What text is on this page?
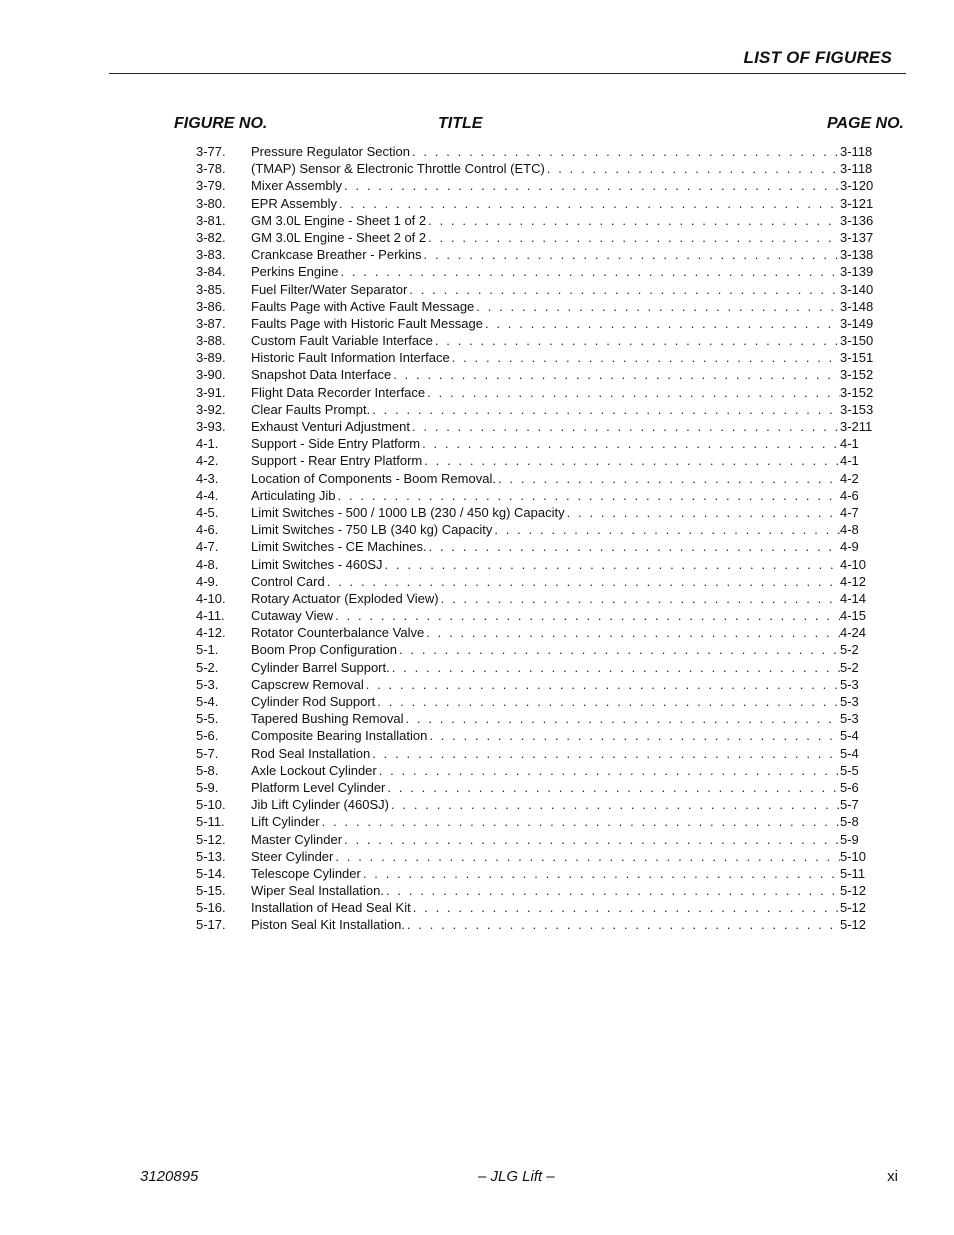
LIST OF FIGURES
FIGURE NO.	TITLE	PAGE NO.
3-77.	Pressure Regulator Section . . .	3-118
3-78.	(TMAP) Sensor & Electronic Throttle Control (ETC) . . .	3-118
3-79.	Mixer Assembly . . .	3-120
3-80.	EPR Assembly . . .	3-121
3-81.	GM 3.0L Engine - Sheet 1 of 2 . . .	3-136
3-82.	GM 3.0L Engine - Sheet 2 of 2 . . .	3-137
3-83.	Crankcase Breather - Perkins . . .	3-138
3-84.	Perkins Engine . . .	3-139
3-85.	Fuel Filter/Water Separator . . .	3-140
3-86.	Faults Page with Active Fault Message . . .	3-148
3-87.	Faults Page with Historic Fault Message . . .	3-149
3-88.	Custom Fault Variable Interface . . .	3-150
3-89.	Historic Fault Information Interface . . .	3-151
3-90.	Snapshot Data Interface . . .	3-152
3-91.	Flight Data Recorder Interface . . .	3-152
3-92.	Clear Faults Prompt. . . .	3-153
3-93.	Exhaust Venturi Adjustment . . .	3-211
4-1.	Support - Side Entry Platform . . .	4-1
4-2.	Support - Rear Entry Platform . . .	4-1
4-3.	Location of Components - Boom Removal. . . .	4-2
4-4.	Articulating Jib . . .	4-6
4-5.	Limit Switches - 500 / 1000 LB (230 / 450 kg) Capacity . . .	4-7
4-6.	Limit Switches - 750 LB (340 kg) Capacity . . .	4-8
4-7.	Limit Switches - CE Machines. . . .	4-9
4-8.	Limit Switches - 460SJ . . .	4-10
4-9.	Control Card . . .	4-12
4-10.	Rotary Actuator (Exploded View) . . .	4-14
4-11.	Cutaway View . . .	4-15
4-12.	Rotator Counterbalance Valve . . .	4-24
5-1.	Boom Prop Configuration . . .	5-2
5-2.	Cylinder Barrel Support. . . .	5-2
5-3.	Capscrew Removal . . .	5-3
5-4.	Cylinder Rod Support . . .	5-3
5-5.	Tapered Bushing Removal . . .	5-3
5-6.	Composite Bearing Installation . . .	5-4
5-7.	Rod Seal Installation . . .	5-4
5-8.	Axle Lockout Cylinder . . .	5-5
5-9.	Platform Level Cylinder . . .	5-6
5-10.	Jib Lift Cylinder (460SJ) . . .	5-7
5-11.	Lift Cylinder . . .	5-8
5-12.	Master Cylinder . . .	5-9
5-13.	Steer Cylinder . . .	5-10
5-14.	Telescope Cylinder . . .	5-11
5-15.	Wiper Seal Installation. . . .	5-12
5-16.	Installation of Head Seal Kit . . .	5-12
5-17.	Piston Seal Kit Installation. . . .	5-12
3120895	– JLG Lift –	xi
